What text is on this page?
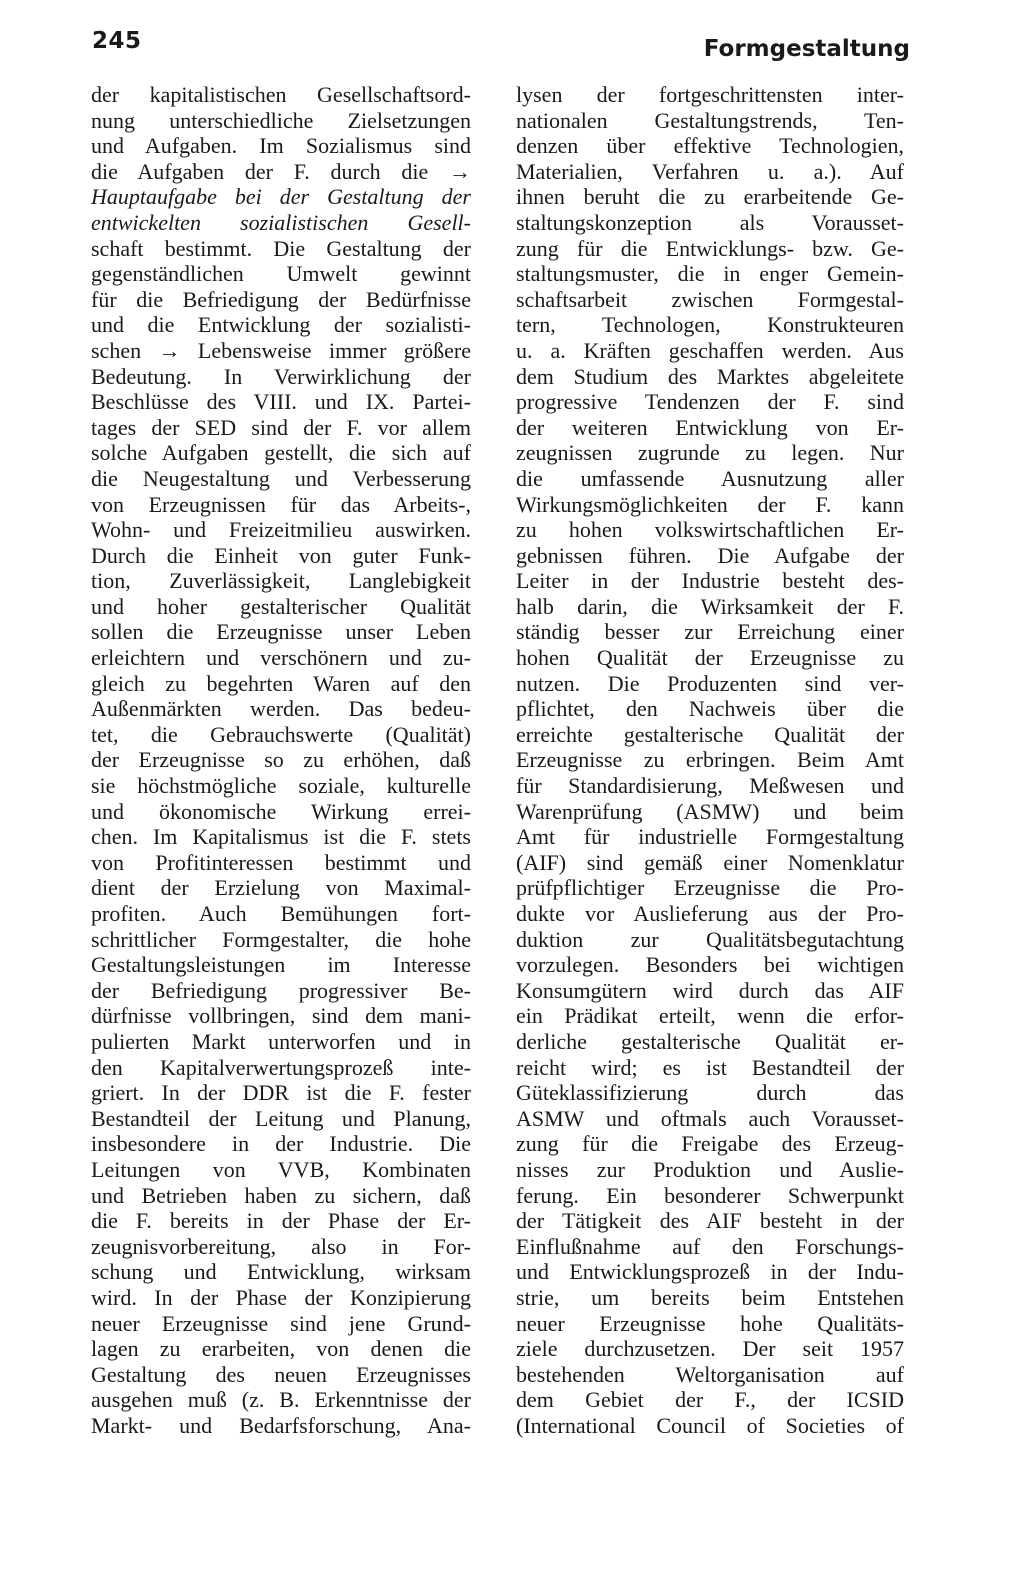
245	Formgestaltung
der kapitalistischen Gesellschaftsord-
nung unterschiedliche Zielsetzungen
und Aufgaben. Im Sozialismus sind
die Aufgaben der F. durch die →
Hauptaufgabe bei der Gestaltung der
entwickelten sozialistischen Gesell-
schaft bestimmt. Die Gestaltung der
gegenständlichen Umwelt gewinnt
für die Befriedigung der Bedürfnisse
und die Entwicklung der sozialisti-
schen → Lebensweise immer größere
Bedeutung. In Verwirklichung der
Beschlüsse des VIII. und IX. Partei-
tages der SED sind der F. vor allem
solche Aufgaben gestellt, die sich auf
die Neugestaltung und Verbesserung
von Erzeugnissen für das Arbeits-,
Wohn- und Freizeitmilieu auswirken.
Durch die Einheit von guter Funk-
tion, Zuverlässigkeit, Langlebigkeit
und hoher gestalterischer Qualität
sollen die Erzeugnisse unser Leben
erleichtern und verschönern und zu-
gleich zu begehrten Waren auf den
Außenmärkten werden. Das bedeu-
tet, die Gebrauchswerte (Qualität)
der Erzeugnisse so zu erhöhen, daß
sie höchstmögliche soziale, kulturelle
und ökonomische Wirkung errei-
chen. Im Kapitalismus ist die F. stets
von Profitinteressen bestimmt und
dient der Erzielung von Maximal-
profiten. Auch Bemühungen fort-
schrittlicher Formgestalter, die hohe
Gestaltungsleistungen im Interesse
der Befriedigung progressiver Be-
dürfnisse vollbringen, sind dem mani-
pulierten Markt unterworfen und in
den Kapitalverwertungsprozeß inte-
griert. In der DDR ist die F. fester
Bestandteil der Leitung und Planung,
insbesondere in der Industrie. Die
Leitungen von VVB, Kombinaten
und Betrieben haben zu sichern, daß
die F. bereits in der Phase der Er-
zeugnisvorbereitung, also in For-
schung und Entwicklung, wirksam
wird. In der Phase der Konzipierung
neuer Erzeugnisse sind jene Grund-
lagen zu erarbeiten, von denen die
Gestaltung des neuen Erzeugnisses
ausgehen muß (z. B. Erkenntnisse der
Markt- und Bedarfsforschung, Ana-
lysen der fortgeschrittensten inter-
nationalen Gestaltungstrends, Ten-
denzen über effektive Technologien,
Materialien, Verfahren u. a.). Auf
ihnen beruht die zu erarbeitende Ge-
staltungskonzeption als Vorausset-
zung für die Entwicklungs- bzw. Ge-
staltungsmuster, die in enger Gemein-
schaftsarbeit zwischen Formgestal-
tern, Technologen, Konstrukteuren
u. a. Kräften geschaffen werden. Aus
dem Studium des Marktes abgeleitete
progressive Tendenzen der F. sind
der weiteren Entwicklung von Er-
zeugnissen zugrunde zu legen. Nur
die umfassende Ausnutzung aller
Wirkungsmöglichkeiten der F. kann
zu hohen volkswirtschaftlichen Er-
gebnissen führen. Die Aufgabe der
Leiter in der Industrie besteht des-
halb darin, die Wirksamkeit der F.
ständig besser zur Erreichung einer
hohen Qualität der Erzeugnisse zu
nutzen. Die Produzenten sind ver-
pflichtet, den Nachweis über die
erreichte gestalterische Qualität der
Erzeugnisse zu erbringen. Beim Amt
für Standardisierung, Meßwesen und
Warenprüfung (ASMW) und beim
Amt für industrielle Formgestaltung
(AIF) sind gemäß einer Nomenklatur
prüfpflichtiger Erzeugnisse die Pro-
dukte vor Auslieferung aus der Pro-
duktion zur Qualitätsbegutachtung
vorzulegen. Besonders bei wichtigen
Konsumgütern wird durch das AIF
ein Prädikat erteilt, wenn die erfor-
derliche gestalterische Qualität er-
reicht wird; es ist Bestandteil der
Güteklassifizierung durch das
ASMW und oftmals auch Vorausset-
zung für die Freigabe des Erzeug-
nisses zur Produktion und Auslie-
ferung. Ein besonderer Schwerpunkt
der Tätigkeit des AIF besteht in der
Einflußnahme auf den Forschungs-
und Entwicklungsprozeß in der Indu-
strie, um bereits beim Entstehen
neuer Erzeugnisse hohe Qualitäts-
ziele durchzusetzen. Der seit 1957
bestehenden Weltorganisation auf
dem Gebiet der F., der ICSID
(International Council of Societies of
